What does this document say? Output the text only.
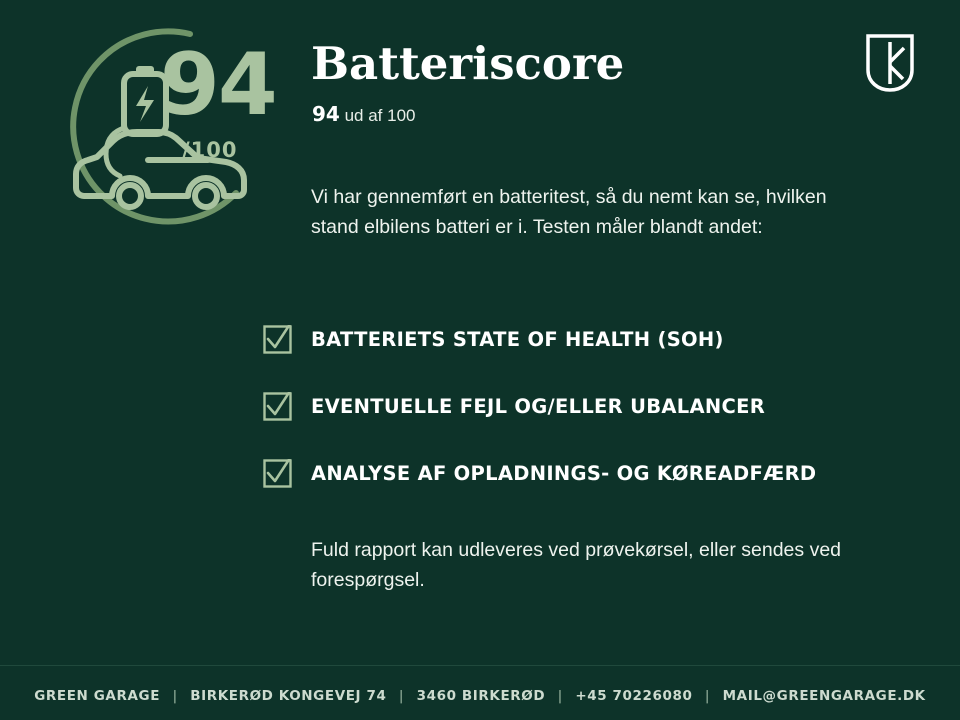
94
/100
Batteriscore
94 ud af 100
Vi har gennemført en batteritest, så du nemt kan se, hvilken stand elbilens batteri er i. Testen måler blandt andet:
BATTERIETS STATE OF HEALTH (SOH)
EVENTUELLE FEJL OG/ELLER UBALANCER
ANALYSE AF OPLADNINGS- OG KØREADFÆRD
Fuld rapport kan udleveres ved prøvekørsel, eller sendes ved forespørgsel.
GREEN GARAGE | BIRKERØD KONGEVEJ 74 | 3460 BIRKERØD | +45 70226080 | MAIL@GREENGARAGE.DK
